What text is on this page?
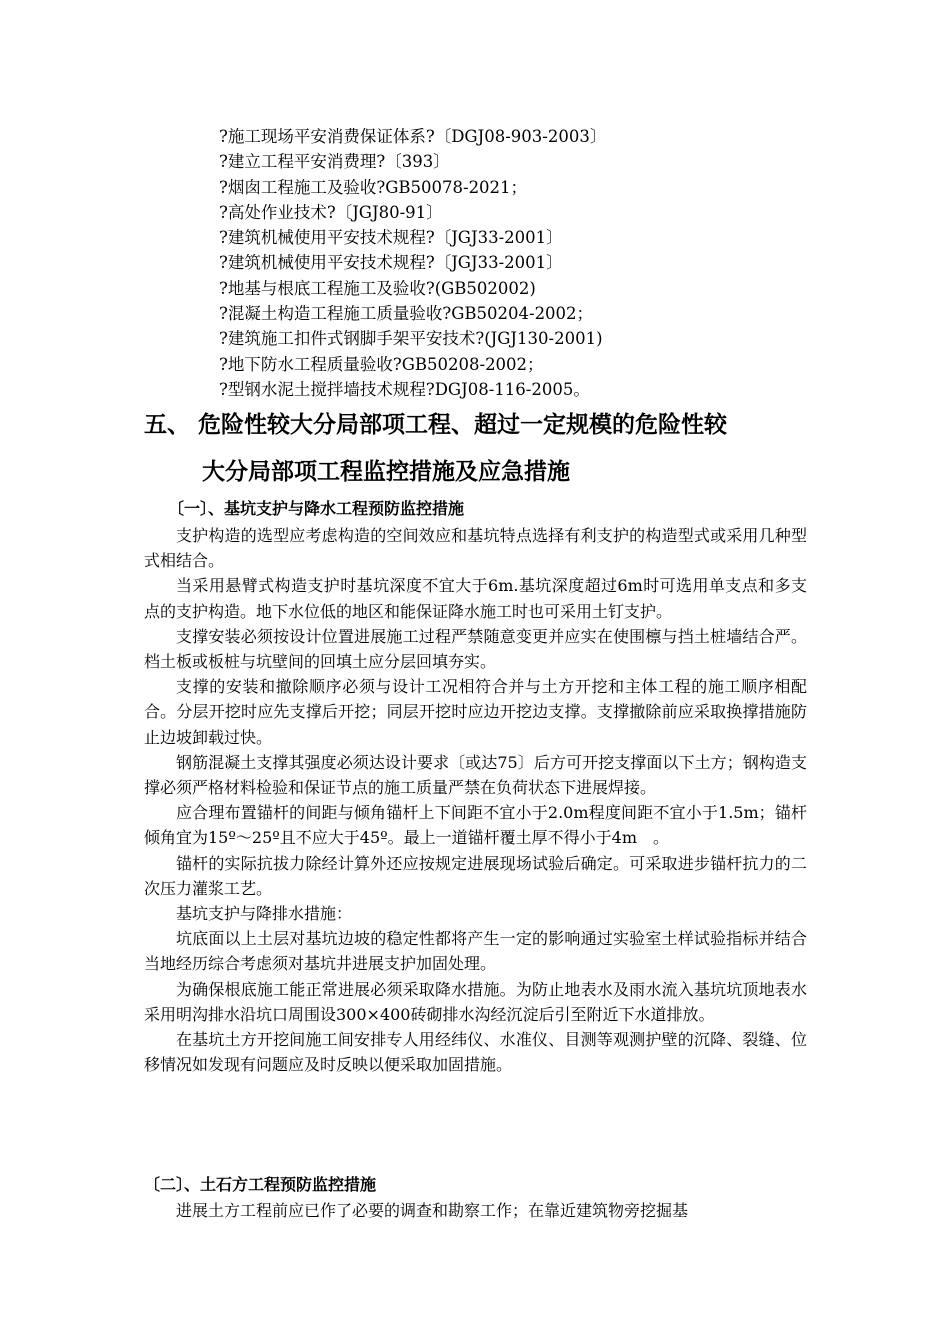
?施工现场平安消费保证体系?〔DGJ08-903-2003〕
?建立工程平安消费理?〔393〕
?烟囱工程施工及验收?GB50078-2021；
?高处作业技术?〔JGJ80-91〕
?建筑机械使用平安技术规程?〔JGJ33-2001〕
?建筑机械使用平安技术规程?〔JGJ33-2001〕
?地基与根底工程施工及验收?(GB502002)
?混凝土构造工程施工质量验收?GB50204-2002；
?建筑施工扣件式钢脚手架平安技术?(JGJ130-2001)
?地下防水工程质量验收?GB50208-2002；
?型钢水泥土搅拌墙技术规程?DGJ08-116-2005。
五、 危险性较大分局部项工程、超过一定规模的危险性较
大分局部项工程监控措施及应急措施
〔一〕、基坑支护与降水工程预防监控措施

支护构造的选型应考虑构造的空间效应和基坑特点选择有利支护的构造型式或采用几种型式相结合。

当采用悬臂式构造支护时基坑深度不宜大于6m.基坑深度超过6m时可选用单支点和多支点的支护构造。地下水位低的地区和能保证降水施工时也可采用土钉支护。

支撑安装必须按设计位置进展施工过程严禁随意变更并应实在使围檩与挡土桩墙结合严。档土板或板桩与坑壁间的回填土应分层回填夯实。

支撑的安装和撤除顺序必须与设计工况相符合并与土方开挖和主体工程的施工顺序相配合。分层开挖时应先支撑后开挖；同层开挖时应边开挖边支撑。支撑撤除前应采取换撑措施防止边坡卸载过快。

钢筋混凝土支撑其强度必须达设计要求〔或达75〕后方可开挖支撑面以下土方；钢构造支撑必须严格材料检验和保证节点的施工质量严禁在负荷状态下进展焊接。

应合理布置锚杆的间距与倾角锚杆上下间距不宜小于2.0m程度间距不宜小于1.5m；锚杆倾角宜为15º～25º且不应大于45º。最上一道锚杆覆土厚不得小于4m　。

锚杆的实际抗拔力除经计算外还应按规定进展现场试验后确定。可采取进步锚杆抗力的二次压力灌浆工艺。

基坑支护与降排水措施：

坑底面以上土层对基坑边坡的稳定性都将产生一定的影响通过实验室土样试验指标并结合当地经历综合考虑须对基坑井进展支护加固处理。

为确保根底施工能正常进展必须采取降水措施。为防止地表水及雨水流入基坑坑顶地表水采用明沟排水沿坑口周围设300×400砖砌排水沟经沉淀后引至附近下水道排放。

在基坑土方开挖间施工间安排专人用经纬仪、水准仪、目测等观测护壁的沉降、裂缝、位移情况如发现有问题应及时反映以便采取加固措施。

〔二〕、土石方工程预防监控措施

进展土方工程前应已作了必要的调查和勘察工作；在靠近建筑物旁挖掘基
